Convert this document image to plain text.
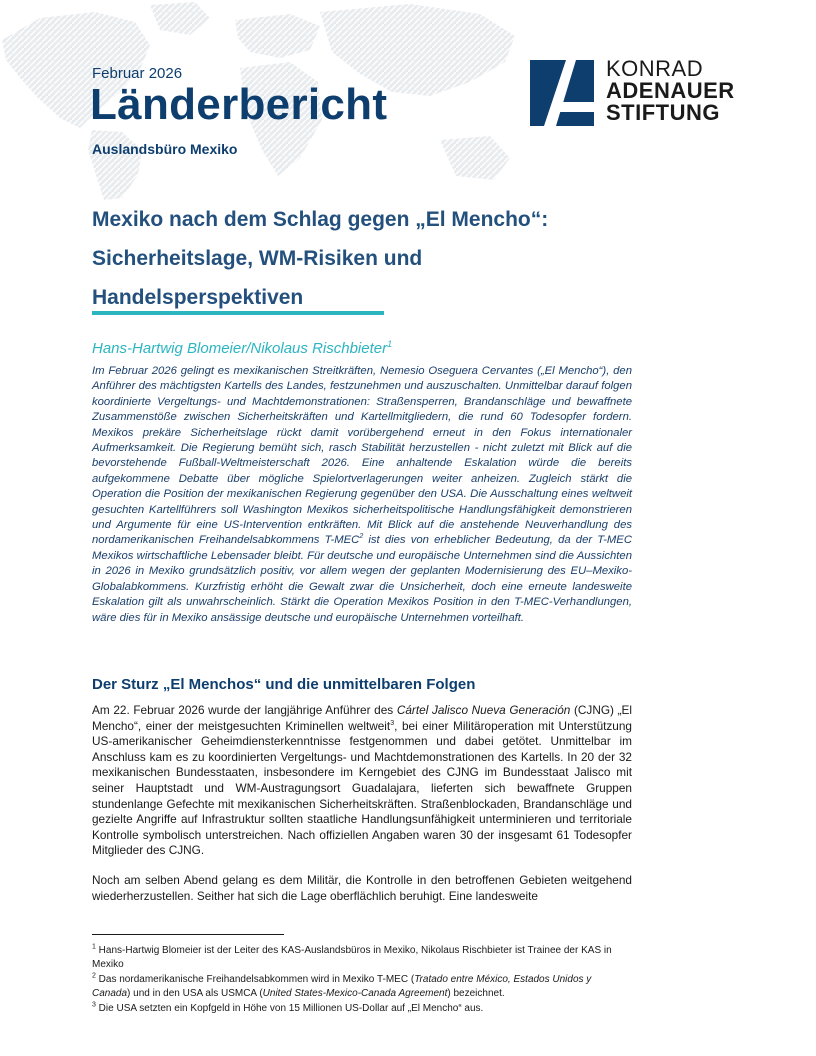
Februar 2026
Länderbericht
Auslandsbüro Mexiko
KONRAD
ADENAUER
STIFTUNG
Mexiko nach dem Schlag gegen „El Mencho“:
Sicherheitslage, WM-Risiken und
Handelsperspektiven
Hans-Hartwig Blomeier/Nikolaus Rischbieter$^1$
Im Februar 2026 gelingt es mexikanischen Streitkräften, Nemesio Oseguera Cervantes („El Mencho“), den Anführer des mächtigsten Kartells des Landes, festzunehmen und auszuschalten. Unmittelbar darauf folgen koordinierte Vergeltungs- und Machtdemonstrationen: Straßensperren, Brandanschläge und bewaffnete Zusammenstöße zwischen Sicherheitskräften und Kartellmitgliedern, die rund 60 Todesopfer fordern. Mexikos prekäre Sicherheitslage rückt damit vorübergehend erneut in den Fokus internationaler Aufmerksamkeit. Die Regierung bemüht sich, rasch Stabilität herzustellen - nicht zuletzt mit Blick auf die bevorstehende Fußball-Weltmeisterschaft 2026. Eine anhaltende Eskalation würde die bereits aufgekommene Debatte über mögliche Spielortverlagerungen weiter anheizen. Zugleich stärkt die Operation die Position der mexikanischen Regierung gegenüber den USA. Die Ausschaltung eines weltweit gesuchten Kartellführers soll Washington Mexikos sicherheitspolitische Handlungsfähigkeit demonstrieren und Argumente für eine US-Intervention entkräften. Mit Blick auf die anstehende Neuverhandlung des nordamerikanischen Freihandelsabkommens T-MEC$^2$ ist dies von erheblicher Bedeutung, da der T-MEC Mexikos wirtschaftliche Lebensader bleibt. Für deutsche und europäische Unternehmen sind die Aussichten in 2026 in Mexiko grundsätzlich positiv, vor allem wegen der geplanten Modernisierung des EU–Mexiko-Globalabkommens. Kurzfristig erhöht die Gewalt zwar die Unsicherheit, doch eine erneute landesweite Eskalation gilt als unwahrscheinlich. Stärkt die Operation Mexikos Position in den T-MEC-Verhandlungen, wäre dies für in Mexiko ansässige deutsche und europäische Unternehmen vorteilhaft.
Der Sturz „El Menchos“ und die unmittelbaren Folgen

Am 22. Februar 2026 wurde der langjährige Anführer des Cártel Jalisco Nueva Generación (CJNG) „El Mencho“, einer der meistgesuchten Kriminellen weltweit$^3$, bei einer Militäroperation mit Unterstützung US-amerikanischer Geheimdiensterkenntnisse festgenommen und dabei getötet. Unmittelbar im Anschluss kam es zu koordinierten Vergeltungs- und Machtdemonstrationen des Kartells. In 20 der 32 mexikanischen Bundesstaaten, insbesondere im Kerngebiet des CJNG im Bundesstaat Jalisco mit seiner Hauptstadt und WM-Austragungsort Guadalajara, lieferten sich bewaffnete Gruppen stundenlange Gefechte mit mexikanischen Sicherheitskräften. Straßenblockaden, Brandanschläge und gezielte Angriffe auf Infrastruktur sollten staatliche Handlungsunfähigkeit unterminieren und territoriale Kontrolle symbolisch unterstreichen. Nach offiziellen Angaben waren 30 der insgesamt 61 Todesopfer Mitglieder des CJNG.

Noch am selben Abend gelang es dem Militär, die Kontrolle in den betroffenen Gebieten weitgehend wiederherzustellen. Seither hat sich die Lage oberflächlich beruhigt. Eine landesweite

$^1$ Hans-Hartwig Blomeier ist der Leiter des KAS-Auslandsbüros in Mexiko, Nikolaus Rischbieter ist Trainee der KAS in Mexiko

$^2$ Das nordamerikanische Freihandelsabkommen wird in Mexiko T-MEC (Tratado entre México, Estados Unidos y Canada) und in den USA als USMCA (United States-Mexico-Canada Agreement) bezeichnet.

$^3$ Die USA setzten ein Kopfgeld in Höhe von 15 Millionen US-Dollar auf „El Mencho“ aus.
